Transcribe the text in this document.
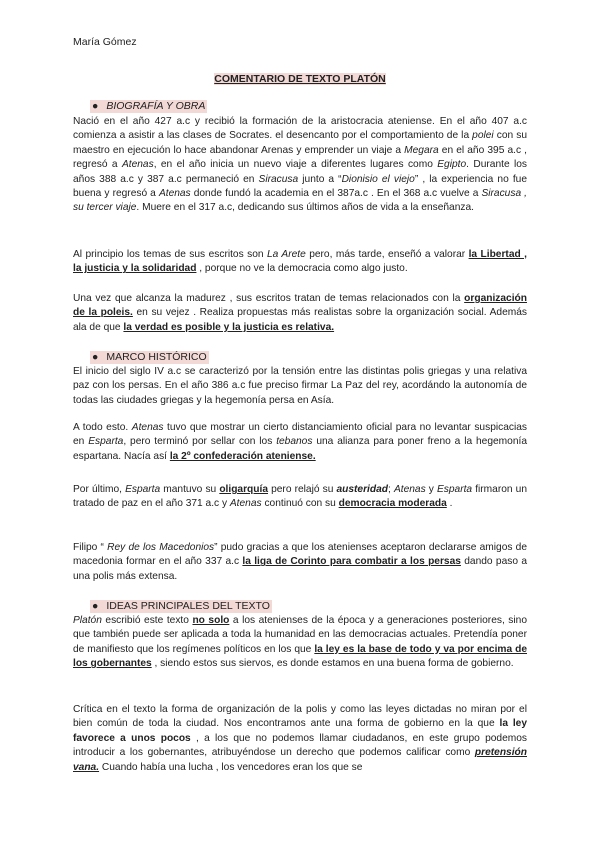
María Gómez
COMENTARIO DE TEXTO PLATÓN
● BIOGRAFÍA Y OBRA

Nació en el año 427 a.c y recibió la formación de la aristocracia ateniense. En el año 407 a.c comienza a asistir a las clases de Socrates. el desencanto por el comportamiento de la polei con su maestro en ejecución lo hace abandonar Arenas y emprender un viaje a Megara en el año 395 a.c , regresó a Atenas, en el año inicia un nuevo viaje a diferentes lugares como Egipto. Durante los años 388 a.c y 387 a.c permaneció en Siracusa junto a “Dionisio el viejo” , la experiencia no fue buena y regresó a Atenas donde fundó la academia en el 387a.c . En el 368 a.c vuelve a Siracusa , su tercer viaje. Muere en el 317 a.c, dedicando sus últimos años de vida a la enseñanza.

Al principio los temas de sus escritos son La Arete pero, más tarde, enseñó a valorar la Libertad , la justicia y la solidaridad , porque no ve la democracia como algo justo.

Una vez que alcanza la madurez , sus escritos tratan de temas relacionados con la organización de la poleis. en su vejez . Realiza propuestas más realistas sobre la organización social. Además ala de que la verdad es posible y la justicia es relativa.

● MARCO HISTÓRICO

El inicio del siglo IV a.c se caracterizó por la tensión entre las distintas polis griegas y una relativa paz con los persas. En el año 386 a.c fue preciso firmar La Paz del rey, acordándo la autonomía de todas las ciudades griegas y la hegemonía persa en Asía.

A todo esto. Atenas tuvo que mostrar un cierto distanciamiento oficial para no levantar suspicacias en Esparta, pero terminó por sellar con los tebanos una alianza para poner freno a la hegemonía espartana. Nacía así la 2º confederación ateniense.

Por último, Esparta mantuvo su oligarquía pero relajó su austeridad; Atenas y Esparta firmaron un tratado de paz en el año 371 a.c y Atenas continuó con su democracia moderada .

Filipo “ Rey de los Macedonios” pudo gracias a que los atenienses aceptaron declararse amigos de macedonia formar en el año 337 a.c la liga de Corinto para combatir a los persas dando paso a una polis más extensa.

● IDEAS PRINCIPALES DEL TEXTO

Platón escribió este texto no solo a los atenienses de la época y a generaciones posteriores, sino que también puede ser aplicada a toda la humanidad en las democracias actuales. Pretendía poner de manifiesto que los regímenes políticos en los que la ley es la base de todo y va por encima de los gobernantes , siendo estos sus siervos, es donde estamos en una buena forma de gobierno.

Crítica en el texto la forma de organización de la polis y como las leyes dictadas no miran por el bien común de toda la ciudad. Nos encontramos ante una forma de gobierno en la que la ley favorece a unos pocos , a los que no podemos llamar ciudadanos, en este grupo podemos introducir a los gobernantes, atribuyéndose un derecho que podemos calificar como pretensión vana. Cuando había una lucha , los vencedores eran los que se
